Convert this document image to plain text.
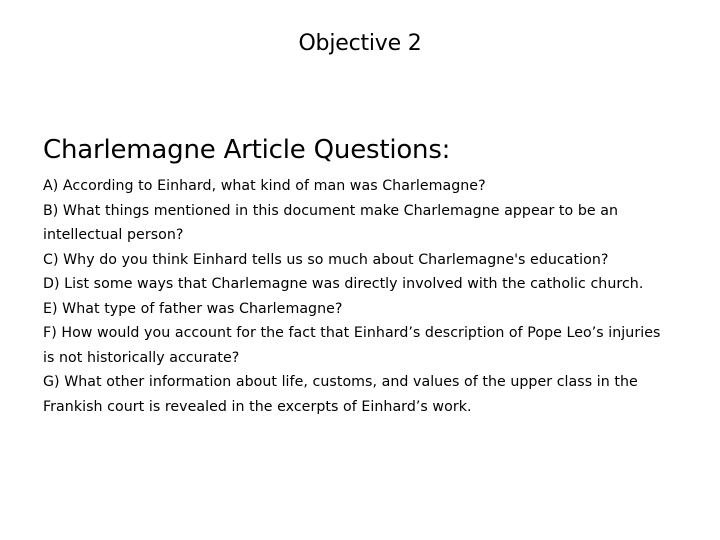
Objective 2
Charlemagne Article Questions:
A) According to Einhard, what kind of man was Charlemagne?
B) What things mentioned in this document make Charlemagne appear to be an intellectual person?
C) Why do you think Einhard tells us so much about Charlemagne's education?
D) List some ways that Charlemagne was directly involved with the catholic church.
E) What type of father was Charlemagne?
F) How would you account for the fact that Einhard’s description of Pope Leo’s injuries is not historically accurate?
G) What other information about life, customs, and values of the upper class in the Frankish court is revealed in the excerpts of Einhard’s work.
